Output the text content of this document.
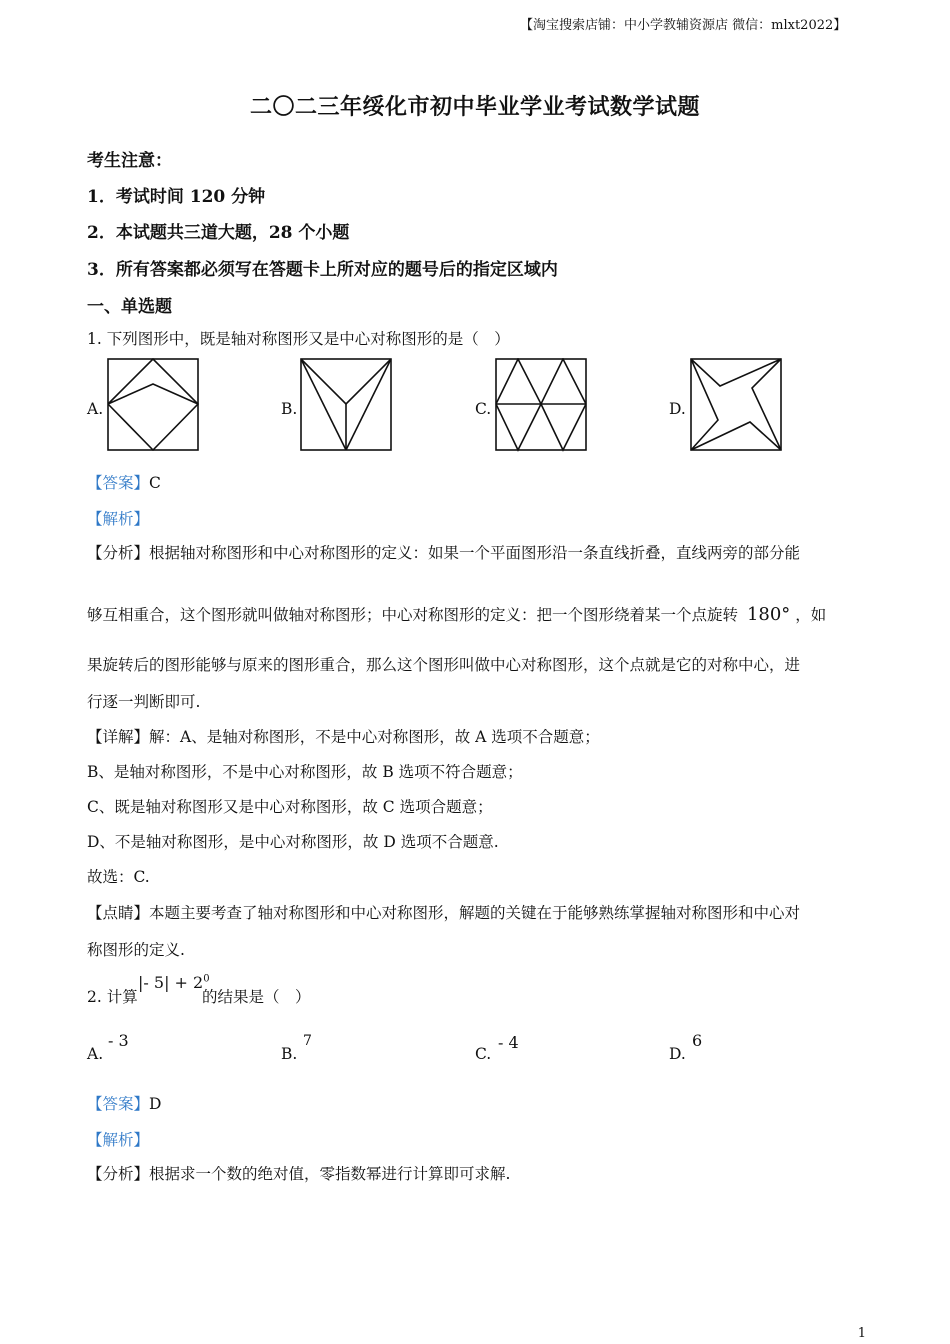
【淘宝搜索店铺：中小学教辅资源店 微信：mlxt2022】
二〇二三年绥化市初中毕业学业考试数学试题
考生注意：
1．考试时间 120 分钟
2．本试题共三道大题，28 个小题
3．所有答案都必须写在答题卡上所对应的题号后的指定区域内
一、单选题
1. 下列图形中，既是轴对称图形又是中心对称图形的是（　）
A.	B.	C.	D.
【答案】C
【解析】
【分析】根据轴对称图形和中心对称图形的定义：如果一个平面图形沿一条直线折叠，直线两旁的部分能
够互相重合，这个图形就叫做轴对称图形；中心对称图形的定义：把一个图形绕着某一个点旋转 180° ，如
果旋转后的图形能够与原来的图形重合，那么这个图形叫做中心对称图形，这个点就是它的对称中心，进
行逐一判断即可.
【详解】解：A、是轴对称图形，不是中心对称图形，故 A 选项不合题意；
B、是轴对称图形，不是中心对称图形，故 B 选项不符合题意；
C、既是轴对称图形又是中心对称图形，故 C 选项合题意；
D、不是轴对称图形，是中心对称图形，故 D 选项不合题意.
故选：C.
【点睛】本题主要考查了轴对称图形和中心对称图形，解题的关键在于能够熟练掌握轴对称图形和中心对
称图形的定义.
2. 计算
|- $5| + 2^0$
的结果是（　）
A.
- 3
B.
7
C.
- 4
D.
6
【答案】D
【解析】
【分析】根据求一个数的绝对值，零指数幂进行计算即可求解.
1
